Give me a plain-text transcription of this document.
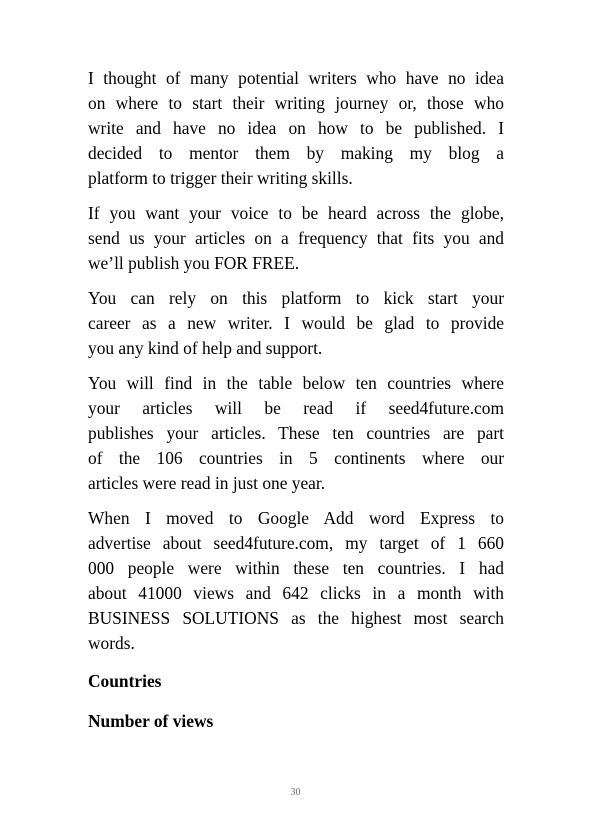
I thought of many potential writers who have no idea
on where to start their writing journey or, those who
write and have no idea on how to be published. I
decided to mentor them by making my blog a
platform to trigger their writing skills.

If you want your voice to be heard across the globe,
send us your articles on a frequency that fits you and
we’ll publish you FOR FREE.

You can rely on this platform to kick start your
career as a new writer. I would be glad to provide
you any kind of help and support.

You will find in the table below ten countries where
your articles will be read if seed4future.com
publishes your articles. These ten countries are part
of the 106 countries in 5 continents where our
articles were read in just one year.

When I moved to Google Add word Express to
advertise about seed4future.com, my target of 1 660
000 people were within these ten countries. I had
about 41000 views and 642 clicks in a month with
BUSINESS SOLUTIONS as the highest most search
words.

Countries
Number of views
30
